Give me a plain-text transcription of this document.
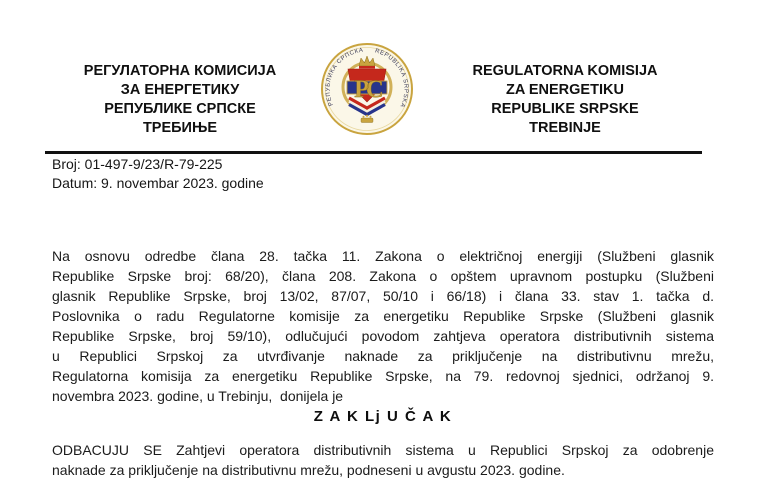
РЕГУЛАТОРНА КОМИСИЈА
ЗА ЕНЕРГЕТИКУ
РЕПУБЛИКЕ СРПСКЕ
ТРЕБИЊЕ
РЕПУБЛИКА СРПСКА REPUBLIKA SRPSKA
РС
REGULATORNA KOMISIJA
ZA ENERGETIKU
REPUBLIKE SRPSKE
TREBINJE
Broj: 01-497-9/23/R-79-225
Datum: 9. novembar 2023. godine
Na osnovu odredbe člana 28. tačka 11. Zakona o električnoj energiji (Službeni glasnik
Republike Srpske broj: 68/20), člana 208. Zakona o opštem upravnom postupku (Službeni
glasnik Republike Srpske, broj 13/02, 87/07, 50/10 i 66/18) i člana 33. stav 1. tačka d.
Poslovnika o radu Regulatorne komisije za energetiku Republike Srpske (Službeni glasnik
Republike Srpske, broj 59/10), odlučujući povodom zahtjeva operatora distributivnih sistema
u Republici Srpskoj za utvrđivanje naknade za priključenje na distributivnu mrežu,
Regulatorna komisija za energetiku Republike Srpske, na 79. redovnoj sjednici, održanoj 9.
novembra 2023. godine, u Trebinju,  donijela je
Z A K Lj U Č A K
ODBACUJU SE Zahtjevi operatora distributivnih sistema u Republici Srpskoj za odobrenje
naknade za priključenje na distributivnu mrežu, podneseni u avgustu 2023. godine.
